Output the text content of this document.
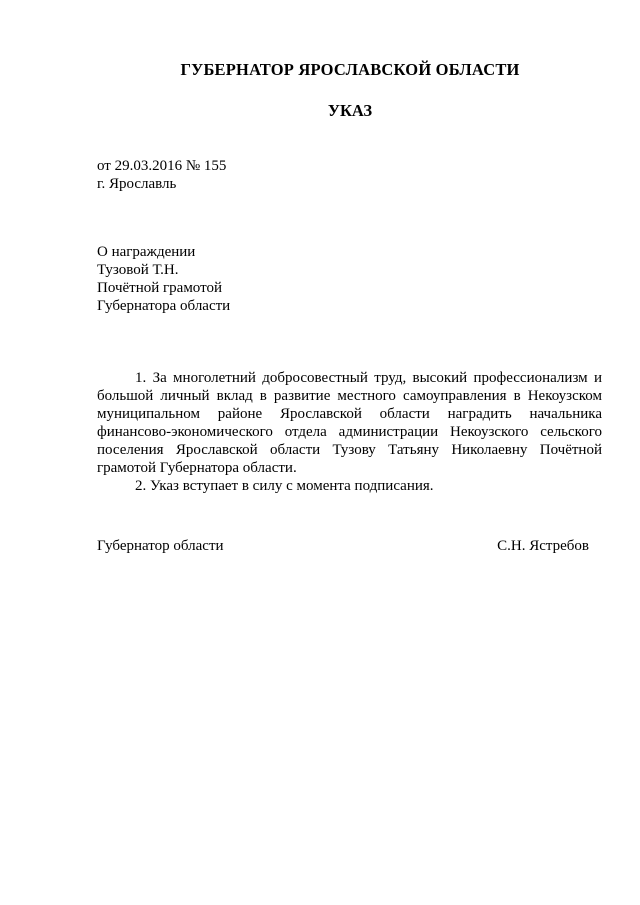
ГУБЕРНАТОР ЯРОСЛАВСКОЙ ОБЛАСТИ
УКАЗ
от 29.03.2016 № 155
г. Ярославль
О награждении
Тузовой Т.Н.
Почётной грамотой
Губернатора области

1. За многолетний добросовестный труд, высокий профессионализм и большой личный вклад в развитие местного самоуправления в Некоузском муниципальном районе Ярославской области наградить начальника финансово-экономического отдела администрации Некоузского сельского поселения Ярославской области Тузову Татьяну Николаевну Почётной грамотой Губернатора области.

2. Указ вступает в силу с момента подписания.

Губернатор области	С.Н. Ястребов
